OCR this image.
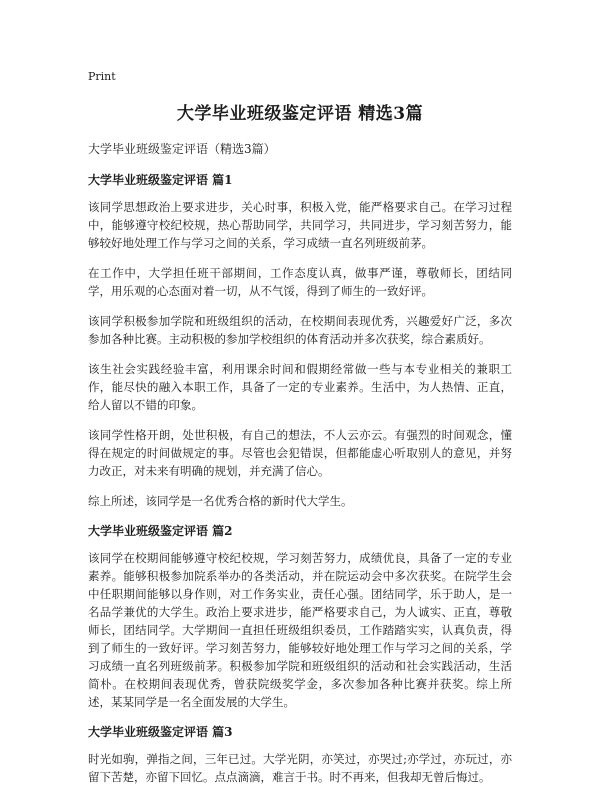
Print
大学毕业班级鉴定评语 精选3篇
大学毕业班级鉴定评语（精选3篇）
大学毕业班级鉴定评语 篇1

该同学思想政治上要求进步，关心时事，积极入党，能严格要求自己。在学习过程中，能够遵守校纪校规，热心帮助同学，共同学习，共同进步，学习刻苦努力，能够较好地处理工作与学习之间的关系，学习成绩一直名列班级前茅。

在工作中，大学担任班干部期间，工作态度认真，做事严谨，尊敬师长，团结同学，用乐观的心态面对着一切，从不气馁，得到了师生的一致好评。

该同学积极参加学院和班级组织的活动，在校期间表现优秀，兴趣爱好广泛，多次参加各种比赛。主动积极的参加学校组织的体育活动并多次获奖，综合素质好。

该生社会实践经验丰富，利用课余时间和假期经常做一些与本专业相关的兼职工作，能尽快的融入本职工作，具备了一定的专业素养。生活中，为人热情、正直，给人留以不错的印象。

该同学性格开朗，处世积极，有自己的想法，不人云亦云。有强烈的时间观念，懂得在规定的时间做规定的事。尽管也会犯错误，但都能虚心听取别人的意见，并努力改正，对未来有明确的规划，并充满了信心。

综上所述，该同学是一名优秀合格的新时代大学生。

大学毕业班级鉴定评语 篇2

该同学在校期间能够遵守校纪校规，学习刻苦努力，成绩优良，具备了一定的专业素养。能够积极参加院系举办的各类活动，并在院运动会中多次获奖。在院学生会中任职期间能够以身作则，对工作务实业，责任心强。团结同学，乐于助人，是一名品学兼优的大学生。政治上要求进步，能严格要求自己，为人诚实、正直，尊敬师长，团结同学。大学期间一直担任班级组织委员，工作踏踏实实，认真负责，得到了师生的一致好评。学习刻苦努力，能够较好地处理工作与学习之间的关系，学习成绩一直名列班级前茅。积极参加学院和班级组织的活动和社会实践活动，生活简朴。在校期间表现优秀，曾获院级奖学金，多次参加各种比赛并获奖。综上所述，某某同学是一名全面发展的大学生。

大学毕业班级鉴定评语 篇3

时光如驹，弹指之间，三年已过。大学光阴，亦笑过，亦哭过;亦学过，亦玩过，亦留下苦楚，亦留下回忆。点点滴滴，难言于书。时不再来，但我却无曾后悔过。
